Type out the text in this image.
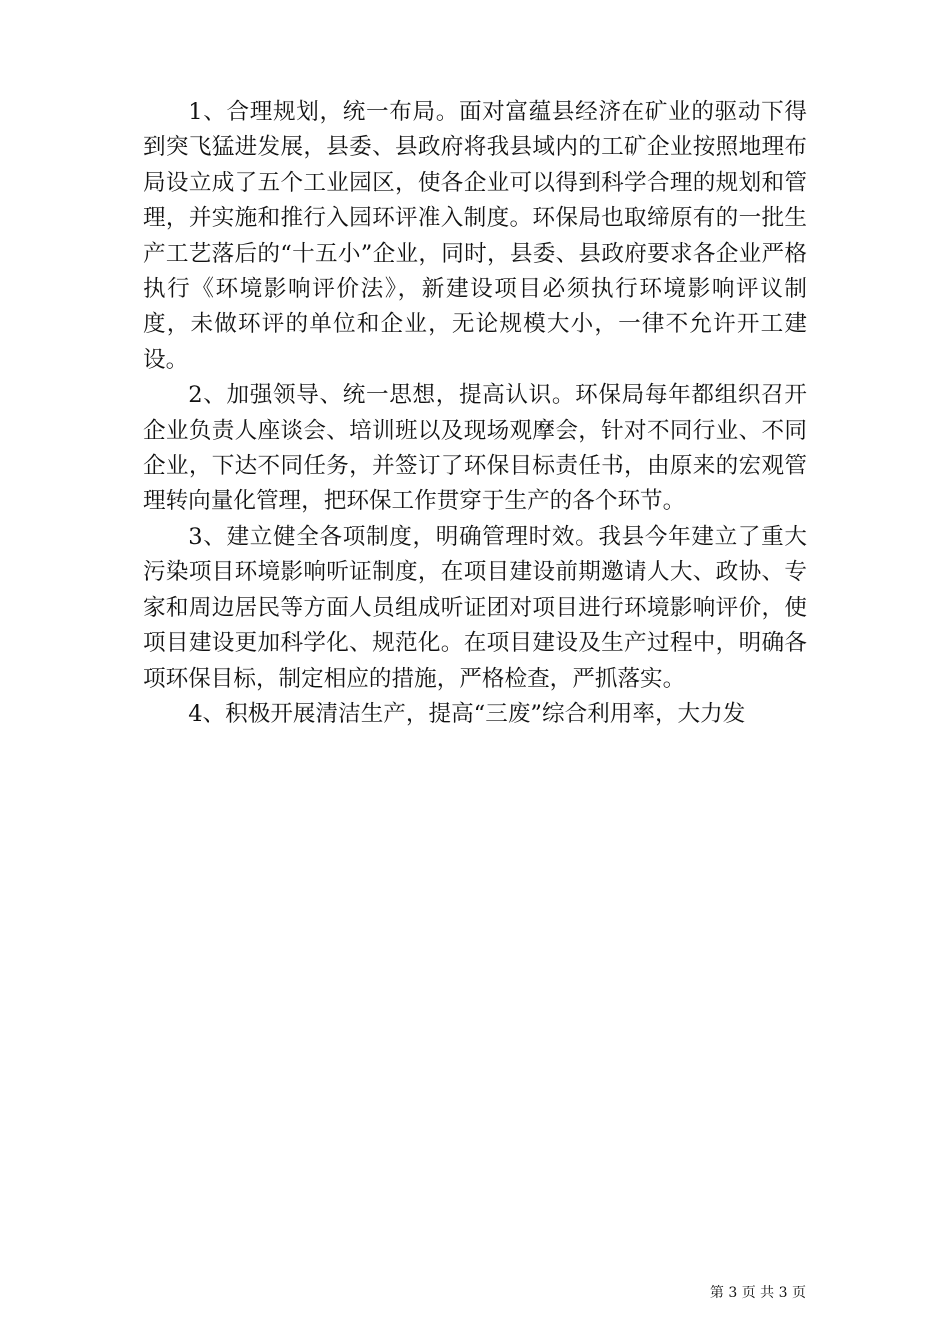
1、合理规划，统一布局。面对富蕴县经济在矿业的驱动下得到突飞猛进发展，县委、县政府将我县域内的工矿企业按照地理布局设立成了五个工业园区，使各企业可以得到科学合理的规划和管理，并实施和推行入园环评准入制度。环保局也取缔原有的一批生产工艺落后的“十五小”企业，同时，县委、县政府要求各企业严格执行《环境影响评价法》，新建设项目必须执行环境影响评议制度，未做环评的单位和企业，无论规模大小，一律不允许开工建设。

2、加强领导、统一思想，提高认识。环保局每年都组织召开企业负责人座谈会、培训班以及现场观摩会，针对不同行业、不同企业，下达不同任务，并签订了环保目标责任书，由原来的宏观管理转向量化管理，把环保工作贯穿于生产的各个环节。

3、建立健全各项制度，明确管理时效。我县今年建立了重大污染项目环境影响听证制度，在项目建设前期邀请人大、政协、专家和周边居民等方面人员组成听证团对项目进行环境影响评价，使项目建设更加科学化、规范化。在项目建设及生产过程中，明确各项环保目标，制定相应的措施，严格检查，严抓落实。

4、积极开展清洁生产，提高“三废”综合利用率，大力发

第 3 页 共 3 页
